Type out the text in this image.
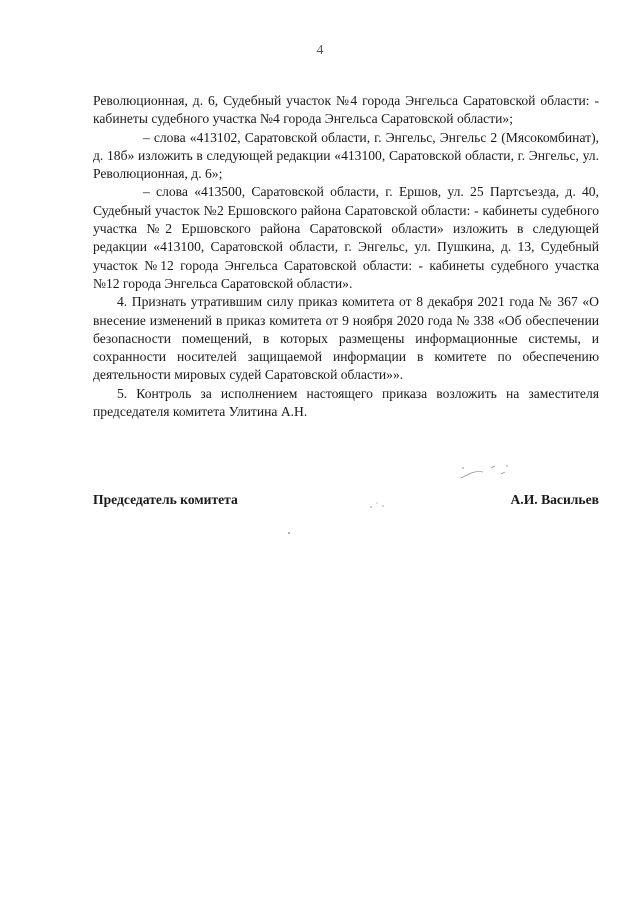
4

Революционная, д. 6, Судебный участок №4 города Энгельса Саратовской области: - кабинеты судебного участка №4 города Энгельса Саратовской области»;

– слова «413102, Саратовской области, г. Энгельс, Энгельс 2 (Мясокомбинат), д. 18б» изложить в следующей редакции «413100, Саратовской области, г. Энгельс, ул. Революционная, д. 6»;

– слова «413500, Саратовской области, г. Ершов, ул. 25 Партсъезда, д. 40, Судебный участок №2 Ершовского района Саратовской области: - кабинеты судебного участка №2 Ершовского района Саратовской области» изложить в следующей редакции «413100, Саратовской области, г. Энгельс, ул. Пушкина, д. 13, Судебный участок №12 города Энгельса Саратовской области: - кабинеты судебного участка №12 города Энгельса Саратовской области».

4. Признать утратившим силу приказ комитета от 8 декабря 2021 года № 367 «О внесение изменений в приказ комитета от 9 ноября 2020 года № 338 «Об обеспечении безопасности помещений, в которых размещены информационные системы, и сохранности носителей защищаемой информации в комитете по обеспечению деятельности мировых судей Саратовской области»».

5. Контроль за исполнением настоящего приказа возложить на заместителя председателя комитета Улитина А.Н.

Председатель комитета	А.И. Васильев
